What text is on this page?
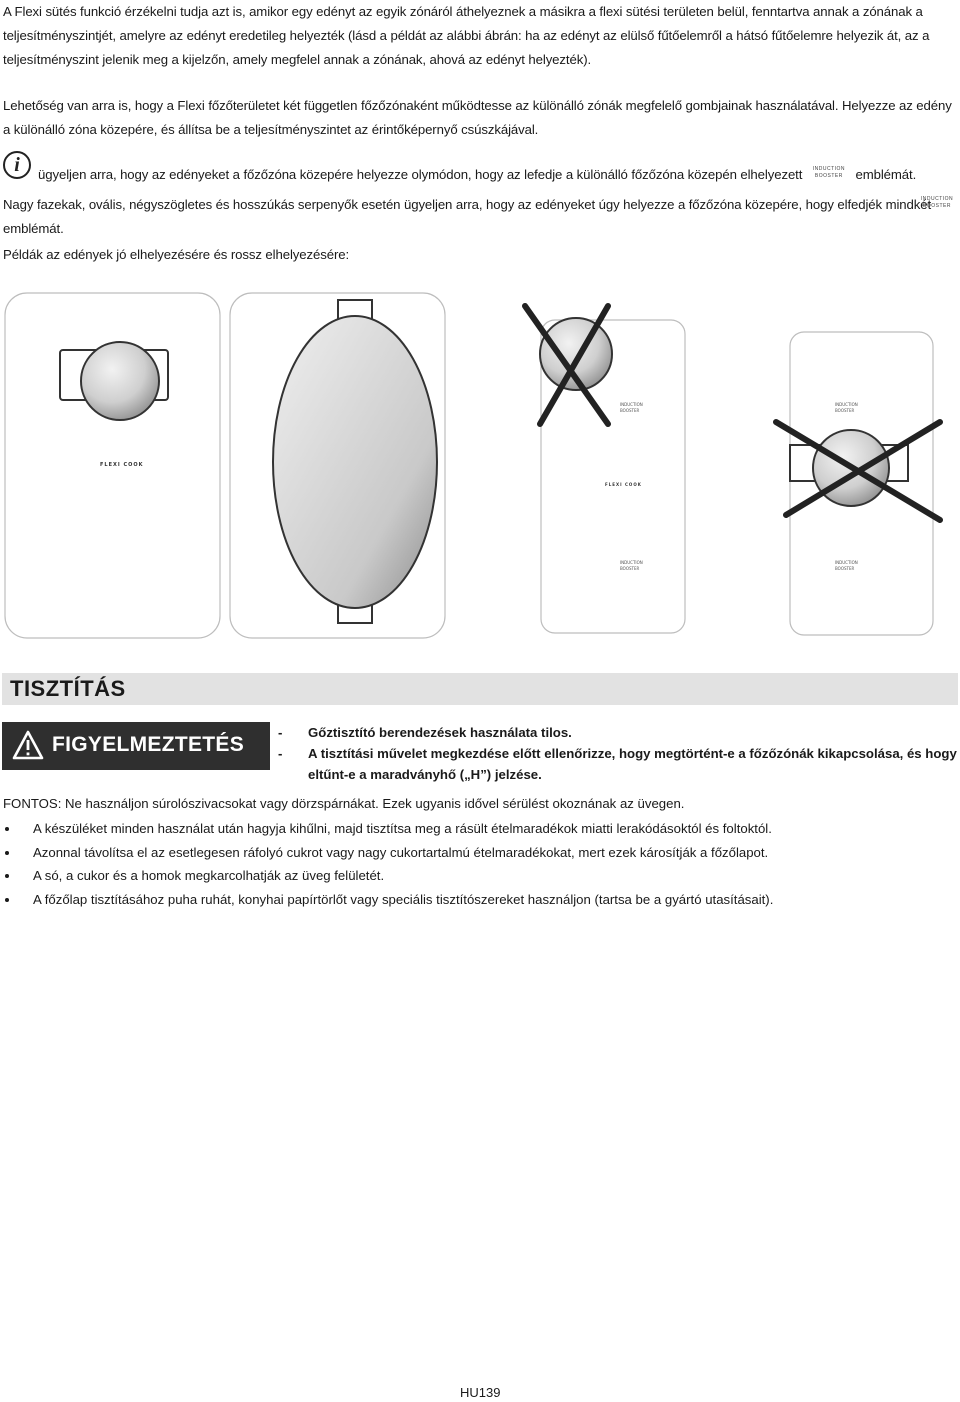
A Flexi sütés funkció érzékelni tudja azt is, amikor egy edényt az egyik zónáról áthelyeznek a másikra a flexi sütési területen belül, fenntartva annak a zónának a teljesítményszintjét, amelyre az edényt eredetileg helyezték (lásd a példát az alábbi ábrán: ha az edényt az elülső fűtőelemről a hátsó fűtőelemre helyezik át, az a teljesítményszint jelenik meg a kijelzőn, amely megfelel annak a zónának, ahová az edényt helyezték).
Lehetőség van arra is, hogy a Flexi főzőterületet két független főzőzónaként működtesse az különálló zónák megfelelő gombjainak használatával. Helyezze az edény a különálló zóna közepére, és állítsa be a teljesítményszintet az érintőképernyő csúszkájával.
i	ügyeljen arra, hogy az edényeket a főzőzóna közepére helyezze olymódon, hogy az lefedje a különálló főzőzóna közepén elhelyezett	INDUCTION
BOOSTER emblémát.
Nagy fazekak, ovális, négyszögletes és hosszúkás serpenyők esetén ügyeljen arra, hogy az edényeket úgy helyezze a főzőzóna közepére, hogy elfedjék mindkét
emblémát.
INDUCTION
BOOSTER
Példák az edények jó elhelyezésére és rossz elhelyezésére:
FLEXI COOK
INDUCTION
BOOSTER
FLEXI COOK
INDUCTION
BOOSTER
INDUCTION
BOOSTER
INDUCTION
BOOSTER
TISZTÍTÁS
FIGYELMEZTETÉS
- Gőztisztító berendezések használata tilos.
- A tisztítási művelet megkezdése előtt ellenőrizze, hogy megtörtént-e a főzőzónák kikapcsolása, és hogy eltűnt-e a maradványhő („H”) jelzése.
FONTOS: Ne használjon súrolószivacsokat vagy dörzspárnákat. Ezek ugyanis idővel sérülést okoznának az üvegen.
A készüléket minden használat után hagyja kihűlni, majd tisztítsa meg a rásült ételmaradékok miatti lerakódásoktól és foltoktól.
Azonnal távolítsa el az esetlegesen ráfolyó cukrot vagy nagy cukortartalmú ételmaradékokat, mert ezek károsítják a főzőlapot.
A só, a cukor és a homok megkarcolhatják az üveg felületét.
A főzőlap tisztításához puha ruhát, konyhai papírtörlőt vagy speciális tisztítószereket használjon (tartsa be a gyártó utasításait).
HU139
